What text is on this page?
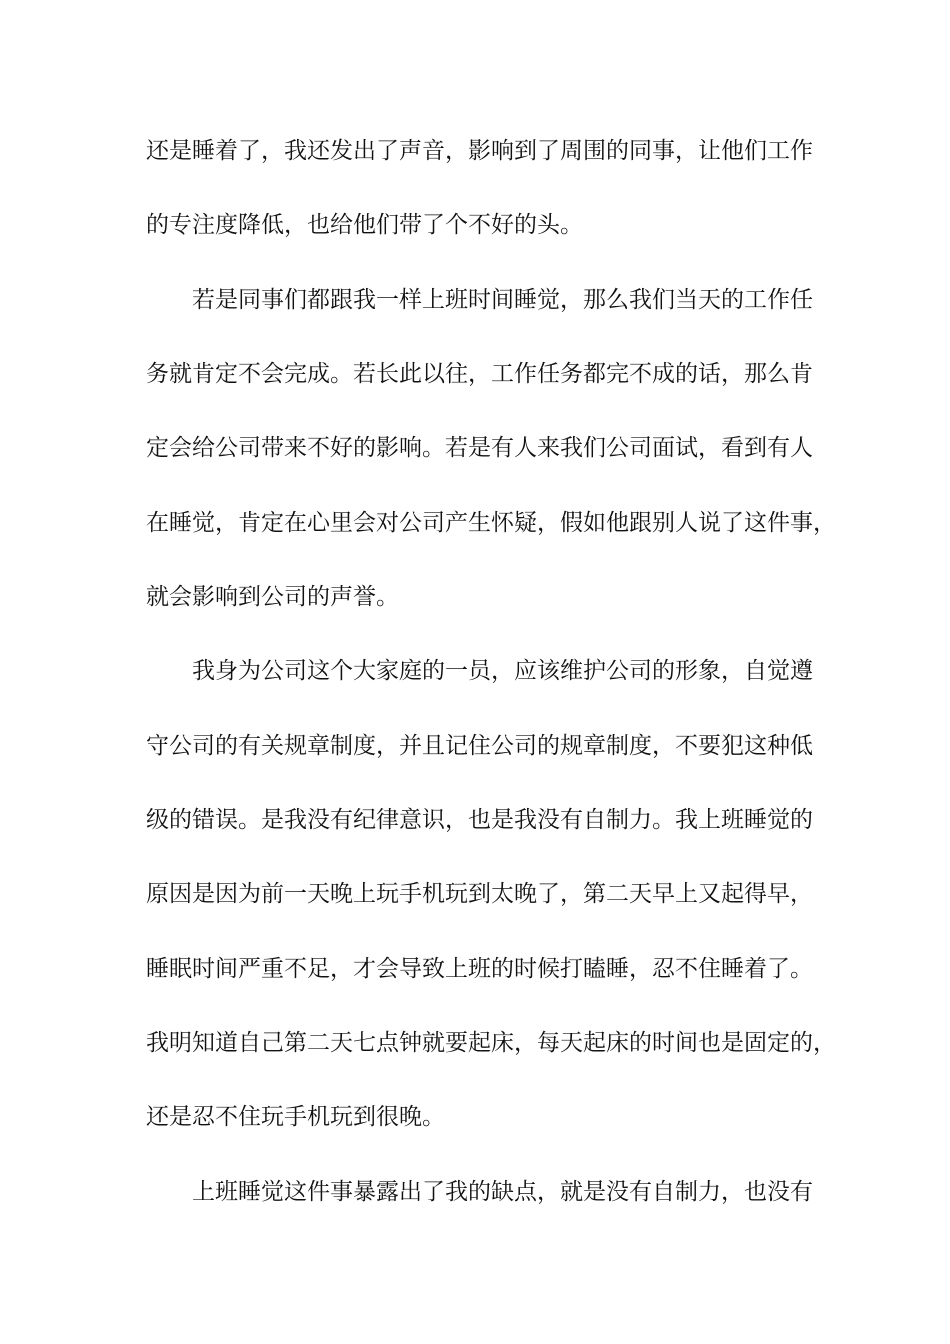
还是睡着了，我还发出了声音，影响到了周围的同事，让他们工作
的专注度降低，也给他们带了个不好的头。
若是同事们都跟我一样上班时间睡觉，那么我们当天的工作任
务就肯定不会完成。若长此以往，工作任务都完不成的话，那么肯
定会给公司带来不好的影响。若是有人来我们公司面试，看到有人
在睡觉，肯定在心里会对公司产生怀疑，假如他跟别人说了这件事，
就会影响到公司的声誉。
我身为公司这个大家庭的一员，应该维护公司的形象，自觉遵
守公司的有关规章制度，并且记住公司的规章制度，不要犯这种低
级的错误。是我没有纪律意识，也是我没有自制力。我上班睡觉的
原因是因为前一天晚上玩手机玩到太晚了，第二天早上又起得早，
睡眠时间严重不足，才会导致上班的时候打瞌睡，忍不住睡着了。
我明知道自己第二天七点钟就要起床，每天起床的时间也是固定的，
还是忍不住玩手机玩到很晚。
上班睡觉这件事暴露出了我的缺点，就是没有自制力，也没有
